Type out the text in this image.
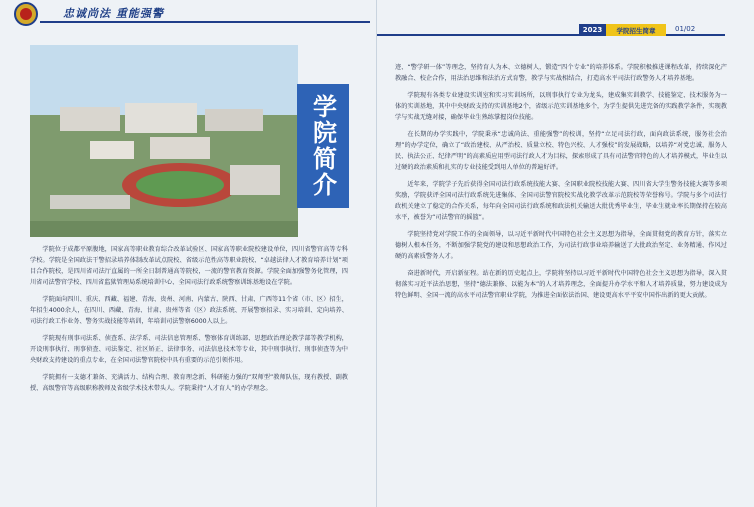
忠诚尚法 重能强警
学院简介

学院位于成都平原腹地，国家高等职业教育综合改革试验区、国家高等职业院校建设单位，四川省警官高等专科学校。学院是全国政法干警招录培养体制改革试点院校、省级示范性高等职业院校、“卓越法律人才教育培养计划”项目合作院校，是四川省司法厅直属的一所全日制普通高等院校，一流的警官教育资源。学院全面加强警务化管理，四川省司法警官学校、四川省监狱管理局系统培训中心、全国司法行政系统警察训练基地设在学院。

学院面向四川、重庆、西藏、福建、青海、贵州、河南、内蒙古、陕西、甘肃、广西等11个省（市、区）招生，年招生4000余人，在四川、西藏、青海、甘肃、贵州等省（区）政法系统、开展警察招录、实习培训、定向培养、司法行政工作业务、警务实战技能等培训，年培训司法警察6000人以上。

学院现有刑事司法系、侦查系、法学系、司法信息管理系、警察体育训练部、思想政治理论教学部等教学机构，开设刑事执行、刑事侦查、司法鉴定、社区矫正、法律事务、司法信息技术等专业，其中刑事执行、刑事侦查等为中央财政支持建设的重点专业，在全国司法警官院校中具有重要的示范引领作用。

学院拥有一支德才兼备、充满活力、结构合理、教育理念新、科研能力强的“双师型”教师队伍，现有教授、副教授、高级警官等高级职称教师及省级学术技术带头人。学院秉持“人才育人”的办学理念。

2023	学院招生简章	01/02

迹、“警学研一体”等理念，坚持育人为本、立德树人，锻造“四个专业”的培养体系。学院积极推进课程改革，持续深化产教融合、校企合作，用法治思维和法治方式育警，教学与实战相结合，打造高水平司法行政警务人才培养基地。

学院现有各类专业建设实训室和实习实训场所，以刑事执行专业为龙头，建成集实训教学、技能鉴定、技术服务为一体的实训基地，其中中央财政支持的实训基地2个，省级示范实训基地多个，为学生提供先进完备的实践教学条件，实现教学与实战无缝对接，确保毕业生熟练掌握岗位技能。

在长期的办学实践中，学院秉承“忠诚尚法、重能强警”的校训，坚持“立足司法行政，面向政法系统，服务社会治理”的办学定位，确立了“政治建校、从严治校、质量立校、特色兴校、人才强校”的发展战略，以培养“对党忠诚、服务人民、执法公正、纪律严明”的高素质应用型司法行政人才为目标，探索形成了具有司法警官特色的人才培养模式，毕业生以过硬的政治素质和扎实的专业技能受到用人单位的普遍好评。

近年来，学院学子先后获得全国司法行政系统技能大赛、全国职业院校技能大赛、四川省大学生警务技能大赛等多项奖励，学院获评全国司法行政系统先进集体、全国司法警官院校实战化教学改革示范院校等荣誉称号。学院与多个司法行政机关建立了稳定的合作关系，每年向全国司法行政系统和政法机关输送大批优秀毕业生，毕业生就业率长期保持在较高水平，被誉为“司法警官的摇篮”。

学院坚持党对学院工作的全面领导，以习近平新时代中国特色社会主义思想为指导，全面贯彻党的教育方针，落实立德树人根本任务，不断加强学院党的建设和思想政治工作，为司法行政事业培养输送了大批政治坚定、业务精通、作风过硬的高素质警务人才。

奋进新时代，开启新征程。站在新的历史起点上，学院将坚持以习近平新时代中国特色社会主义思想为指导，深入贯彻落实习近平法治思想，坚持“德法兼修、以能为本”的人才培养理念，全面提升办学水平和人才培养质量，努力建设成为特色鲜明、全国一流的高水平司法警官职业学院，为推进全面依法治国、建设更高水平平安中国作出新的更大贡献。
